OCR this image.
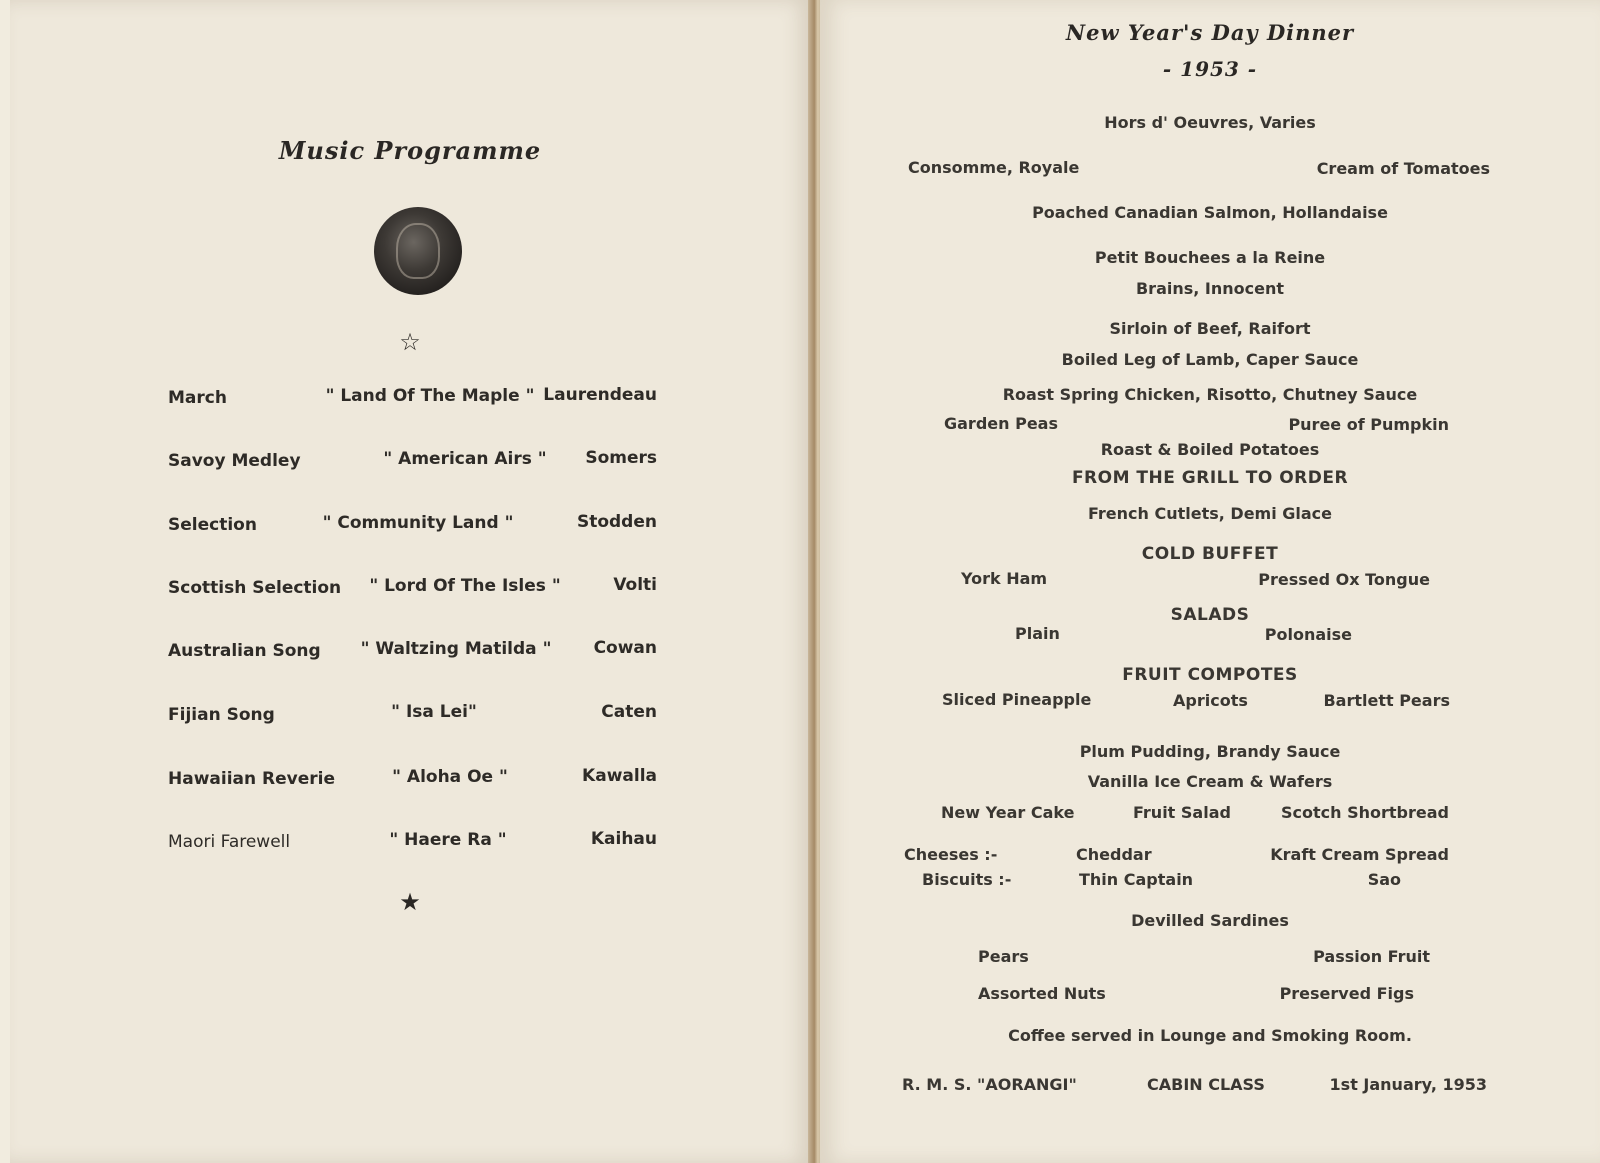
Music Programme
☆
March	" Land Of The Maple " Laurendeau
Savoy Medley	" American Airs "	Somers
Selection	" Community Land "	Stodden
Scottish Selection	" Lord Of The Isles "	Volti
Australian Song	" Waltzing Matilda "	Cowan
Fijian Song	" Isa Lei"	Caten
Hawaiian Reverie	" Aloha Oe "	Kawalla
Maori Farewell	" Haere Ra "	Kaihau
★
New Year's Day Dinner
- 1953 -
Hors d' Oeuvres, Varies
Consomme, Royale	Cream of Tomatoes
Poached Canadian Salmon, Hollandaise
Petit Bouchees a la Reine
Brains, Innocent
Sirloin of Beef, Raifort
Boiled Leg of Lamb, Caper Sauce
Roast Spring Chicken, Risotto, Chutney Sauce
Garden Peas	Puree of Pumpkin
Roast & Boiled Potatoes
FROM THE GRILL TO ORDER
French Cutlets, Demi Glace
COLD BUFFET
York Ham	Pressed Ox Tongue
SALADS
Plain	Polonaise
FRUIT COMPOTES
Sliced Pineapple	Apricots	Bartlett Pears
Plum Pudding, Brandy Sauce
Vanilla Ice Cream & Wafers
New Year Cake	Fruit Salad	Scotch Shortbread
Cheeses :-	Cheddar	Kraft Cream Spread
Biscuits :-	Thin Captain	Sao
Devilled Sardines
Pears	Passion Fruit
Assorted Nuts	Preserved Figs
Coffee served in Lounge and Smoking Room.
R. M. S. "AORANGI"	CABIN CLASS	1st January, 1953
